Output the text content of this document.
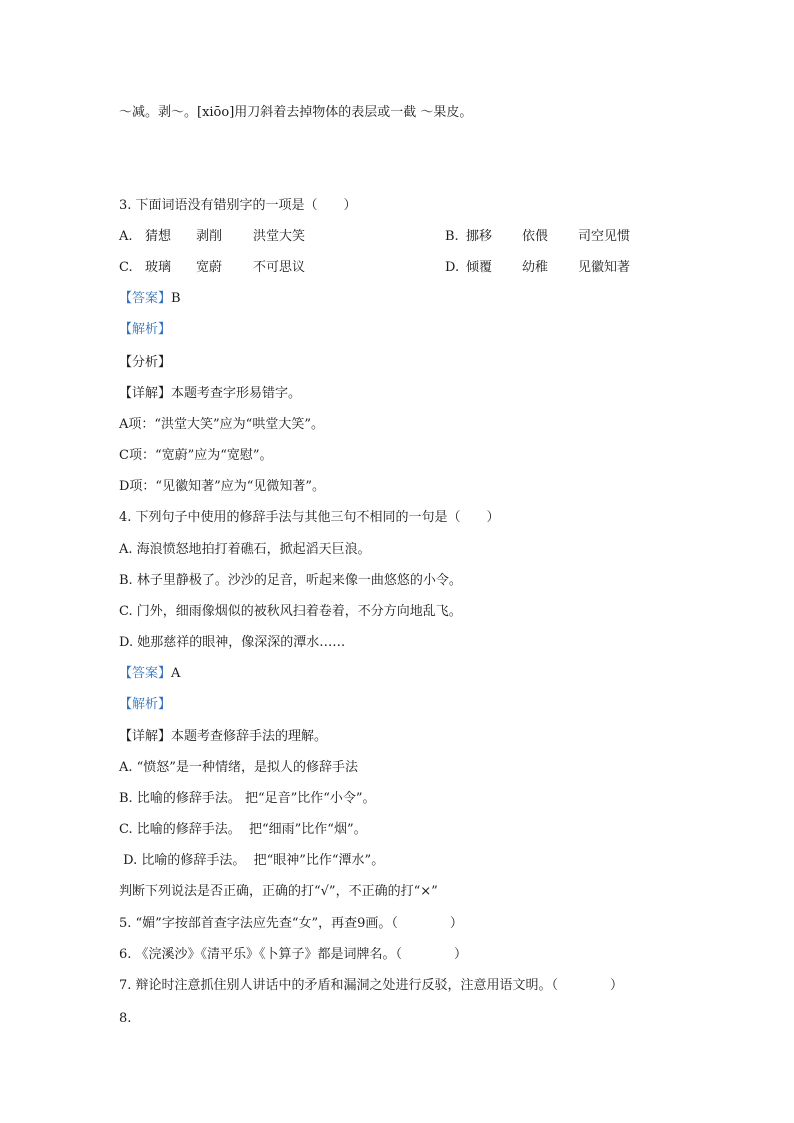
～减。剥～。[xiōo]用刀斜着去掉物体的表层或一截 ～果皮。
3. 下面词语没有错别字的一项是（　　）
A. 猜想 剥削 洪堂大笑	B. 挪移 依偎 司空见惯
C. 玻璃 宽蔚 不可思议	D. 倾覆 幼稚 见徽知著
【答案】B
【解析】
【分析】
【详解】本题考查字形易错字。
A项：“洪堂大笑”应为“哄堂大笑”。
C项：“宽蔚”应为“宽慰”。
D项：“见徽知著”应为“见微知著”。
4. 下列句子中使用的修辞手法与其他三句不相同的一句是（　　）
A. 海浪愤怒地拍打着礁石，掀起滔天巨浪。
B. 林子里静极了。沙沙的足音，听起来像一曲悠悠的小令。
C. 门外，细雨像烟似的被秋风扫着卷着，不分方向地乱飞。
D. 她那慈祥的眼神，像深深的潭水……
【答案】A
【解析】
【详解】本题考查修辞手法的理解。
A. “愤怒”是一种情绪，是拟人的修辞手法
B. 比喻的修辞手法。 把“足音”比作“小令”。
C. 比喻的修辞手法。  把“细雨”比作“烟”。
D. 比喻的修辞手法。  把“眼神”比作“潭水”。
判断下列说法是否正确，正确的打“√”，不正确的打“×”
5. “媚”字按部首查字法应先查“女”，再查9画。（　　　　）
6. 《浣溪沙》《清平乐》《卜算子》都是词牌名。（　　　　）
7. 辩论时注意抓住别人讲话中的矛盾和漏洞之处进行反驳，注意用语文明。（　　　　）
8.
